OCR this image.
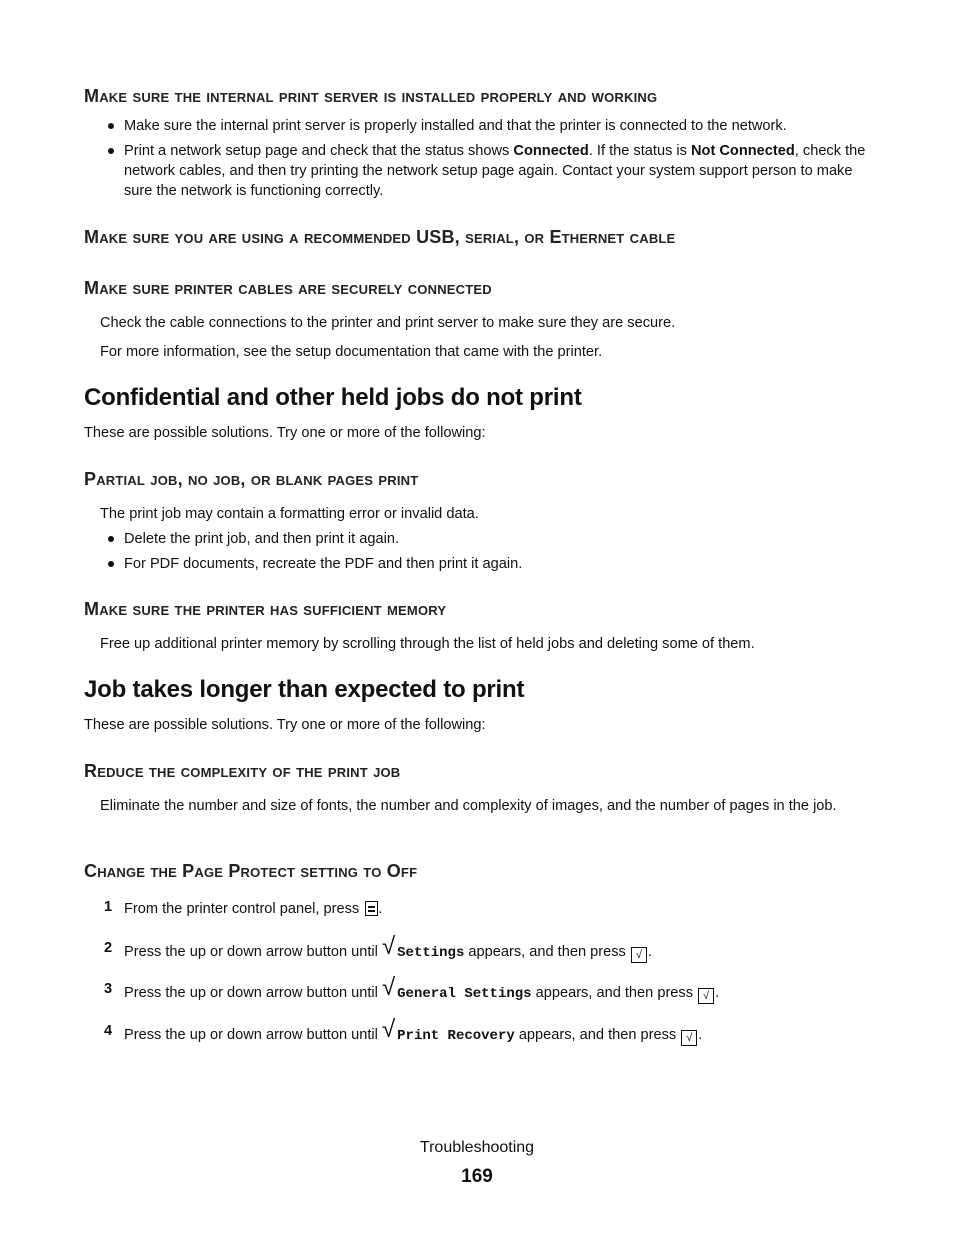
Make sure the internal print server is installed properly and working
Make sure the internal print server is properly installed and that the printer is connected to the network.
Print a network setup page and check that the status shows Connected. If the status is Not Connected, check the network cables, and then try printing the network setup page again. Contact your system support person to make sure the network is functioning correctly.
Make sure you are using a recommended USB, serial, or Ethernet cable
Make sure printer cables are securely connected
Check the cable connections to the printer and print server to make sure they are secure.
For more information, see the setup documentation that came with the printer.
Confidential and other held jobs do not print
These are possible solutions. Try one or more of the following:
Partial job, no job, or blank pages print
The print job may contain a formatting error or invalid data.
Delete the print job, and then print it again.
For PDF documents, recreate the PDF and then print it again.
Make sure the printer has sufficient memory
Free up additional printer memory by scrolling through the list of held jobs and deleting some of them.
Job takes longer than expected to print
These are possible solutions. Try one or more of the following:
Reduce the complexity of the print job
Eliminate the number and size of fonts, the number and complexity of images, and the number of pages in the job.
Change the Page Protect setting to Off
1 From the printer control panel, press
.
2 Press the up or down arrow button until √ Settings appears, and then press √ .
3 Press the up or down arrow button until √ General Settings appears, and then press √ .
4 Press the up or down arrow button until √ Print Recovery appears, and then press √ .
Troubleshooting
169
